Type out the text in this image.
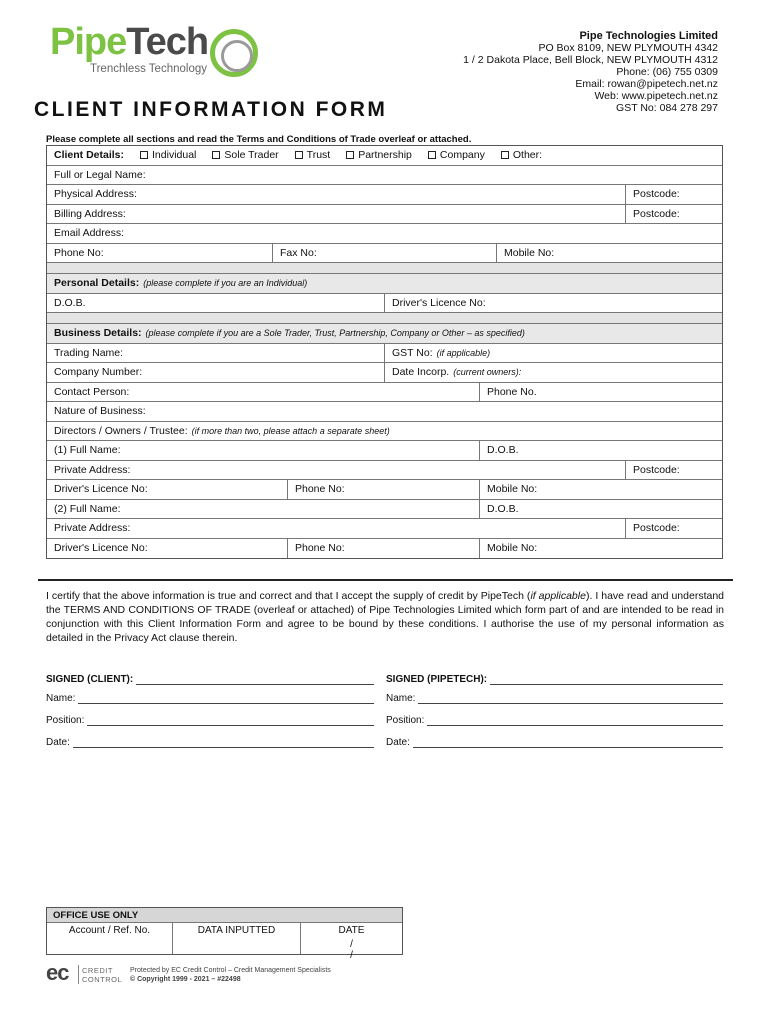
PipeTech
Trenchless Technology
Pipe Technologies Limited
PO Box 8109, NEW PLYMOUTH 4342
1 / 2 Dakota Place, Bell Block, NEW PLYMOUTH 4312
Phone: (06) 755 0309
Email: rowan@pipetech.net.nz
Web: www.pipetech.net.nz
GST No: 084 278 297
CLIENT INFORMATION FORM
Please complete all sections and read the Terms and Conditions of Trade overleaf or attached.
Client Details:	Individual	Sole Trader	Trust	Partnership	Company	Other:
Full or Legal Name:
Physical Address:	Postcode:
Billing Address:	Postcode:
Email Address:
Phone No:	Fax No:	Mobile No:
Personal Details: (please complete if you are an Individual)
D.O.B.	Driver's Licence No:
Business Details: (please complete if you are a Sole Trader, Trust, Partnership, Company or Other – as specified)
Trading Name:	GST No: (if applicable)
Company Number:	Date Incorp. (current owners):
Contact Person:	Phone No.
Nature of Business:
Directors / Owners / Trustee: (if more than two, please attach a separate sheet)
(1) Full Name:	D.O.B.
Private Address:	Postcode:
Driver's Licence No:	Phone No:	Mobile No:
(2) Full Name:	D.O.B.
Private Address:	Postcode:
Driver's Licence No:	Phone No:	Mobile No:
I certify that the above information is true and correct and that I accept the supply of credit by PipeTech (if applicable). I have read and understand the TERMS AND CONDITIONS OF TRADE (overleaf or attached) of Pipe Technologies Limited which form part of and are intended to be read in conjunction with this Client Information Form and agree to be bound by these conditions. I authorise the use of my personal information as detailed in the Privacy Act clause therein.
SIGNED (CLIENT):	SIGNED (PIPETECH):
Name:	Name:
Position:	Position:
Date:	Date:
OFFICE USE ONLY
Account / Ref. No.	DATA INPUTTED	DATE
/ /
ec CREDIT
CONTROL
Protected by EC Credit Control – Credit Management Specialists
© Copyright 1999 - 2021 – #22498
